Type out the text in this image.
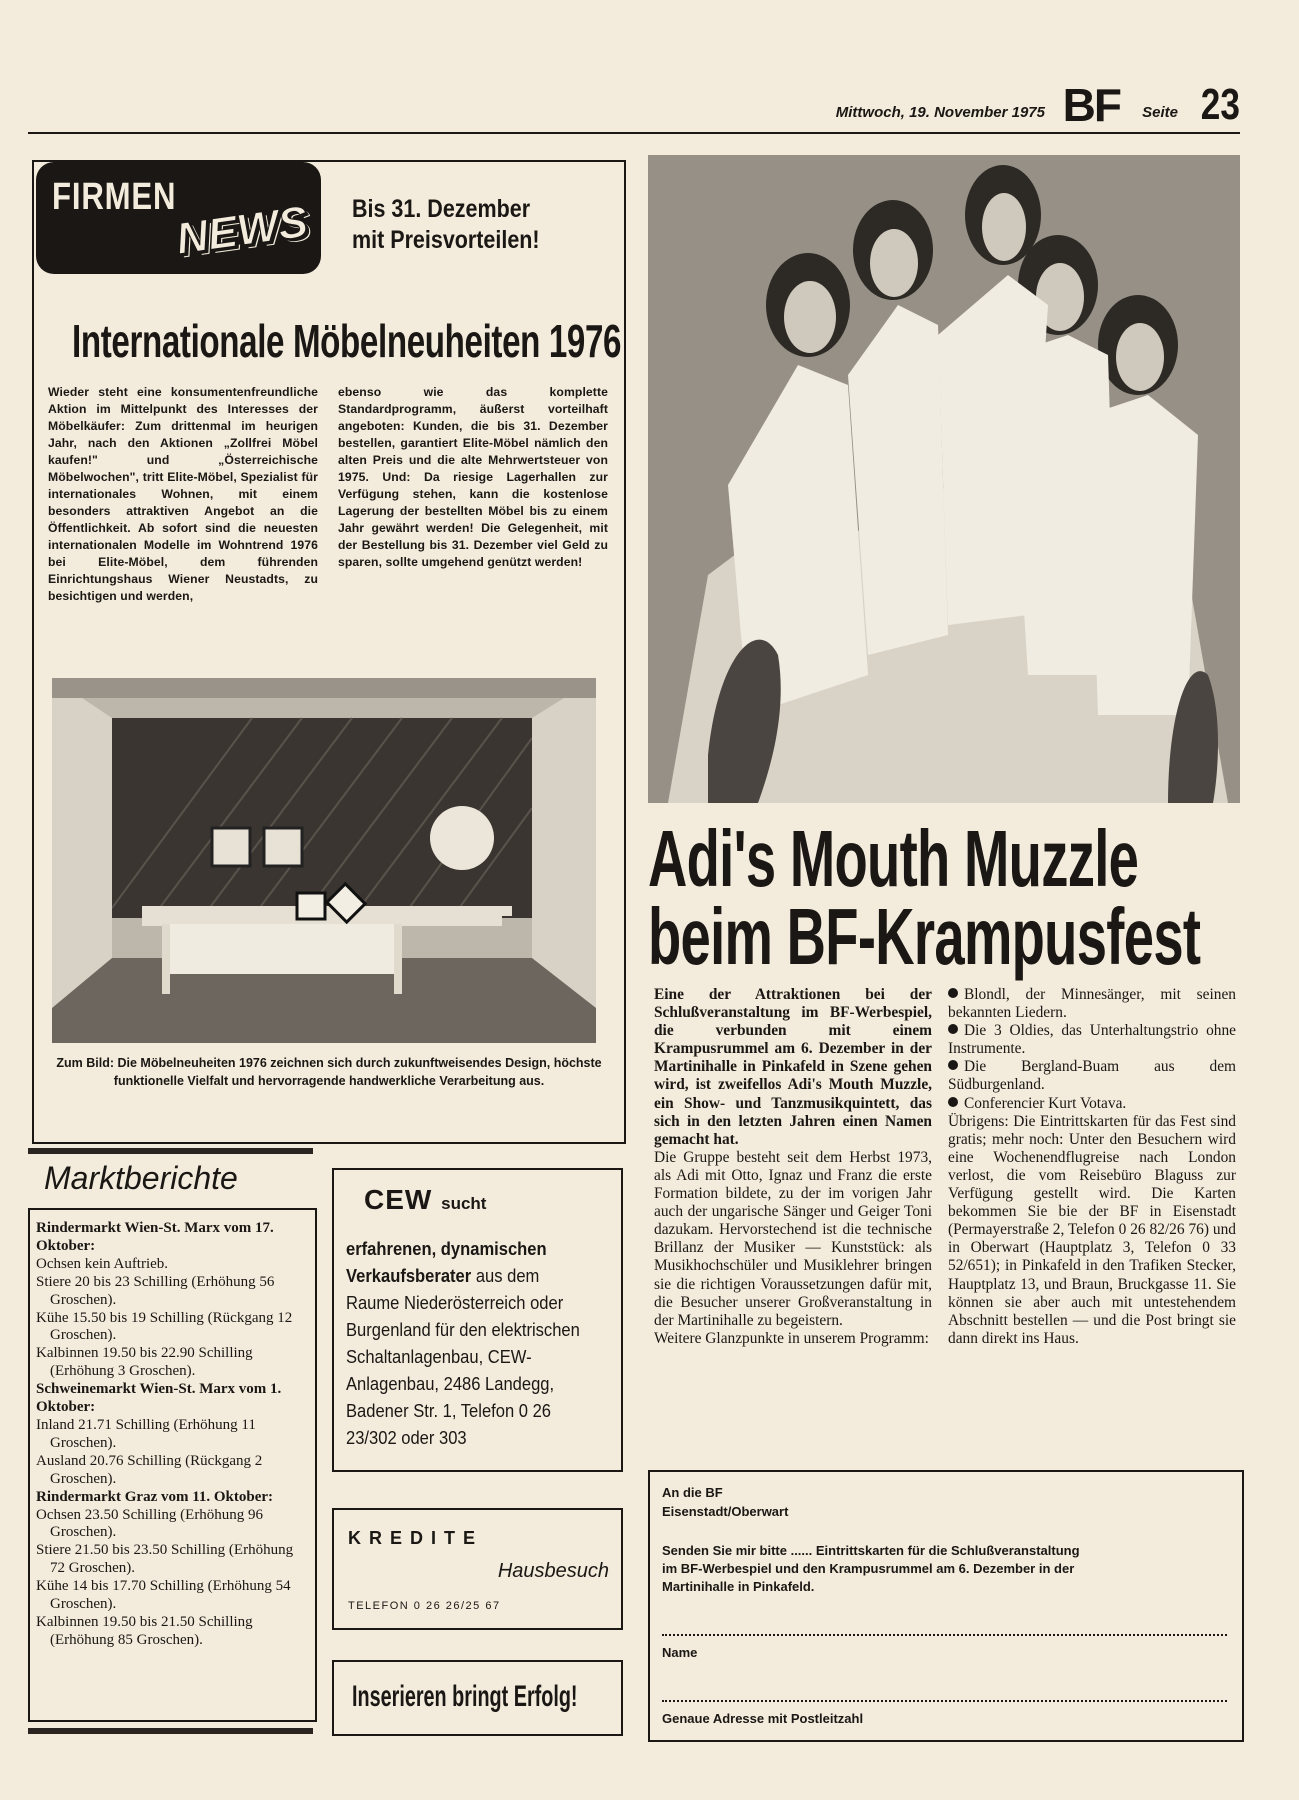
Mittwoch, 19. November 1975 BF Seite 23
FIRMEN
NEWS Bis 31. Dezember
mit Preisvorteilen!
Internationale Möbelneuheiten 1976
Wieder steht eine konsumentenfreundliche Aktion im Mittelpunkt des Interesses der Möbelkäufer: Zum drittenmal im heurigen Jahr, nach den Aktionen „Zollfrei Möbel kaufen!" und „Österreichische Möbelwochen", tritt Elite-Möbel, Spezialist für internationales Wohnen, mit einem besonders attraktiven Angebot an die Öffentlichkeit. Ab sofort sind die neuesten internationalen Modelle im Wohntrend 1976 bei Elite-Möbel, dem führenden Einrichtungshaus Wiener Neustadts, zu besichtigen und werden,
ebenso wie das komplette Standardprogramm, äußerst vorteilhaft angeboten: Kunden, die bis 31. Dezember bestellen, garantiert Elite-Möbel nämlich den alten Preis und die alte Mehrwertsteuer von 1975. Und: Da riesige Lagerhallen zur Verfügung stehen, kann die kostenlose Lagerung der bestellten Möbel bis zu einem Jahr gewährt werden! Die Gelegenheit, mit der Bestellung bis 31. Dezember viel Geld zu sparen, sollte umgehend genützt werden!
Zum Bild: Die Möbelneuheiten 1976 zeichnen sich durch zukunftweisendes Design, höchste funktionelle Vielfalt und hervorragende handwerkliche Verarbeitung aus.
Adi's Mouth Muzzle
beim BF-Krampusfest

Eine der Attraktionen bei der Schlußveranstaltung im BF-Werbespiel, die verbunden mit einem Krampusrummel am 6. Dezember in der Martinihalle in Pinkafeld in Szene gehen wird, ist zweifellos Adi's Mouth Muzzle, ein Show- und Tanzmusikquintett, das sich in den letzten Jahren einen Namen gemacht hat.

Die Gruppe besteht seit dem Herbst 1973, als Adi mit Otto, Ignaz und Franz die erste Formation bildete, zu der im vorigen Jahr auch der ungarische Sänger und Geiger Toni dazukam. Hervorstechend ist die technische Brillanz der Musiker — Kunststück: als Musikhochschüler und Musiklehrer bringen sie die richtigen Voraussetzungen dafür mit, die Besucher unserer Großveranstaltung in der Martinihalle zu begeistern.

Weitere Glanzpunkte in unserem Programm:

Blondl, der Minnesänger, mit seinen bekannten Liedern.
Die 3 Oldies, das Unterhaltungstrio ohne Instrumente.
Die Bergland-Buam aus dem Südburgenland.
Conferencier Kurt Votava.

Übrigens: Die Eintrittskarten für das Fest sind gratis; mehr noch: Unter den Besuchern wird eine Wochenendflugreise nach London verlost, die vom Reisebüro Blaguss zur Verfügung gestellt wird. Die Karten bekommen Sie bie der BF in Eisenstadt (Permayerstraße 2, Telefon 0 26 82/26 76) und in Oberwart (Hauptplatz 3, Telefon 0 33 52/651); in Pinkafeld in den Trafiken Stecker, Hauptplatz 13, und Braun, Bruckgasse 11. Sie können sie aber auch mit untestehendem Abschnitt bestellen — und die Post bringt sie dann direkt ins Haus.

An die BF
Eisenstadt/Oberwart
Senden Sie mir bitte ...... Eintrittskarten für die Schlußveranstaltung
im BF-Werbespiel und den Krampusrummel am 6. Dezember in der
Martinihalle in Pinkafeld.
Name
Genaue Adresse mit Postleitzahl
Marktberichte
Rindermarkt Wien-St. Marx vom 17. Oktober:
Ochsen kein Auftrieb.
Stiere 20 bis 23 Schilling (Erhöhung 56 Groschen).
Kühe 15.50 bis 19 Schilling (Rückgang 12 Groschen).
Kalbinnen 19.50 bis 22.90 Schilling (Erhöhung 3 Groschen).
Schweinemarkt Wien-St. Marx vom 1. Oktober:
Inland 21.71 Schilling (Erhöhung 11 Groschen).
Ausland 20.76 Schilling (Rückgang 2 Groschen).
Rindermarkt Graz vom 11. Oktober:
Ochsen 23.50 Schilling (Erhöhung 96 Groschen).
Stiere 21.50 bis 23.50 Schilling (Erhöhung 72 Groschen).
Kühe 14 bis 17.70 Schilling (Erhöhung 54 Groschen).
Kalbinnen 19.50 bis 21.50 Schilling (Erhöhung 85 Groschen).
CEW sucht
erfahrenen, dynamischen Verkaufsberater aus dem Raume Niederösterreich oder Burgenland für den elektrischen Schaltanlagenbau, CEW-Anlagenbau, 2486 Landegg, Badener Str. 1, Telefon 0 26 23/302 oder 303
KREDITE
Hausbesuch
TELEFON 0 26 26/25 67
Inserieren bringt Erfolg!
